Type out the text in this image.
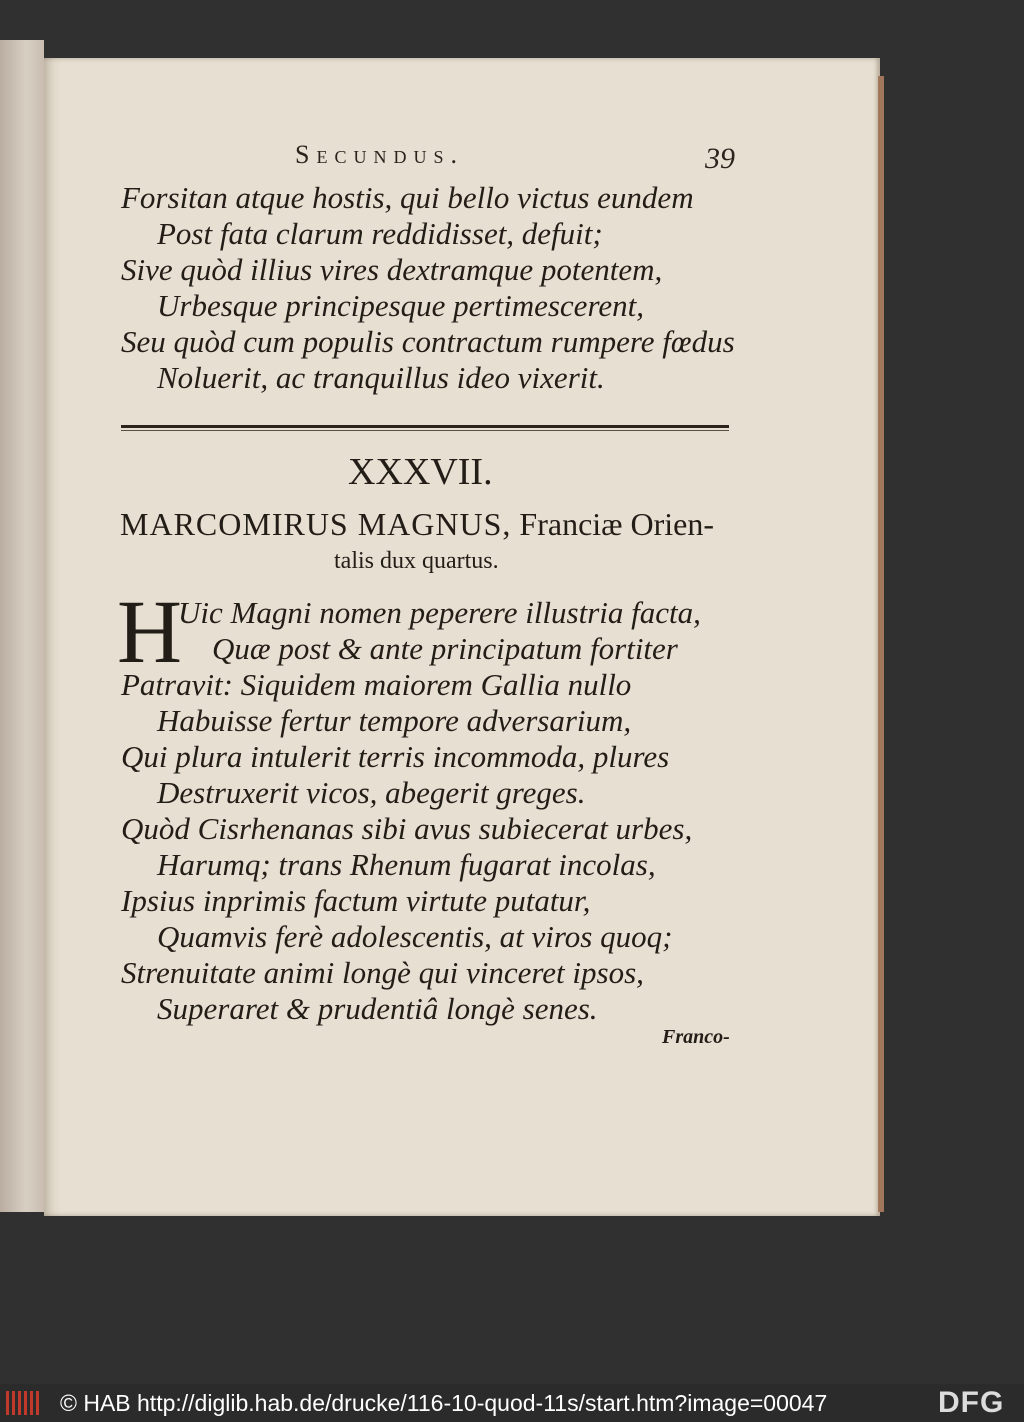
Secundus.	39
Forsitan atque hostis, qui bello victus eundem
Post fata clarum reddidisset, defuit;
Sive quòd illius vires dextramque potentem,
Urbesque principesque pertimescerent,
Seu quòd cum populis contractum rumpere fœdus
Noluerit, ac tranquillus ideo vixerit.
XXXVII.
MARCOMIRUS MAGNUS, Franciæ Orien-
talis dux quartus.
H
Uic Magni nomen peperere illustria facta,
Quæ post & ante principatum fortiter
Patravit: Siquidem maiorem Gallia nullo
Habuisse fertur tempore adversarium,
Qui plura intulerit terris incommoda, plures
Destruxerit vicos, abegerit greges.
Quòd Cisrhenanas sibi avus subiecerat urbes,
Harumq; trans Rhenum fugarat incolas,
Ipsius inprimis factum virtute putatur,
Quamvis ferè adolescentis, at viros quoq;
Strenuitate animi longè qui vinceret ipsos,
Superaret & prudentiâ longè senes.
Franco-
© HAB http://diglib.hab.de/drucke/116-10-quod-11s/start.htm?image=00047	DFG
